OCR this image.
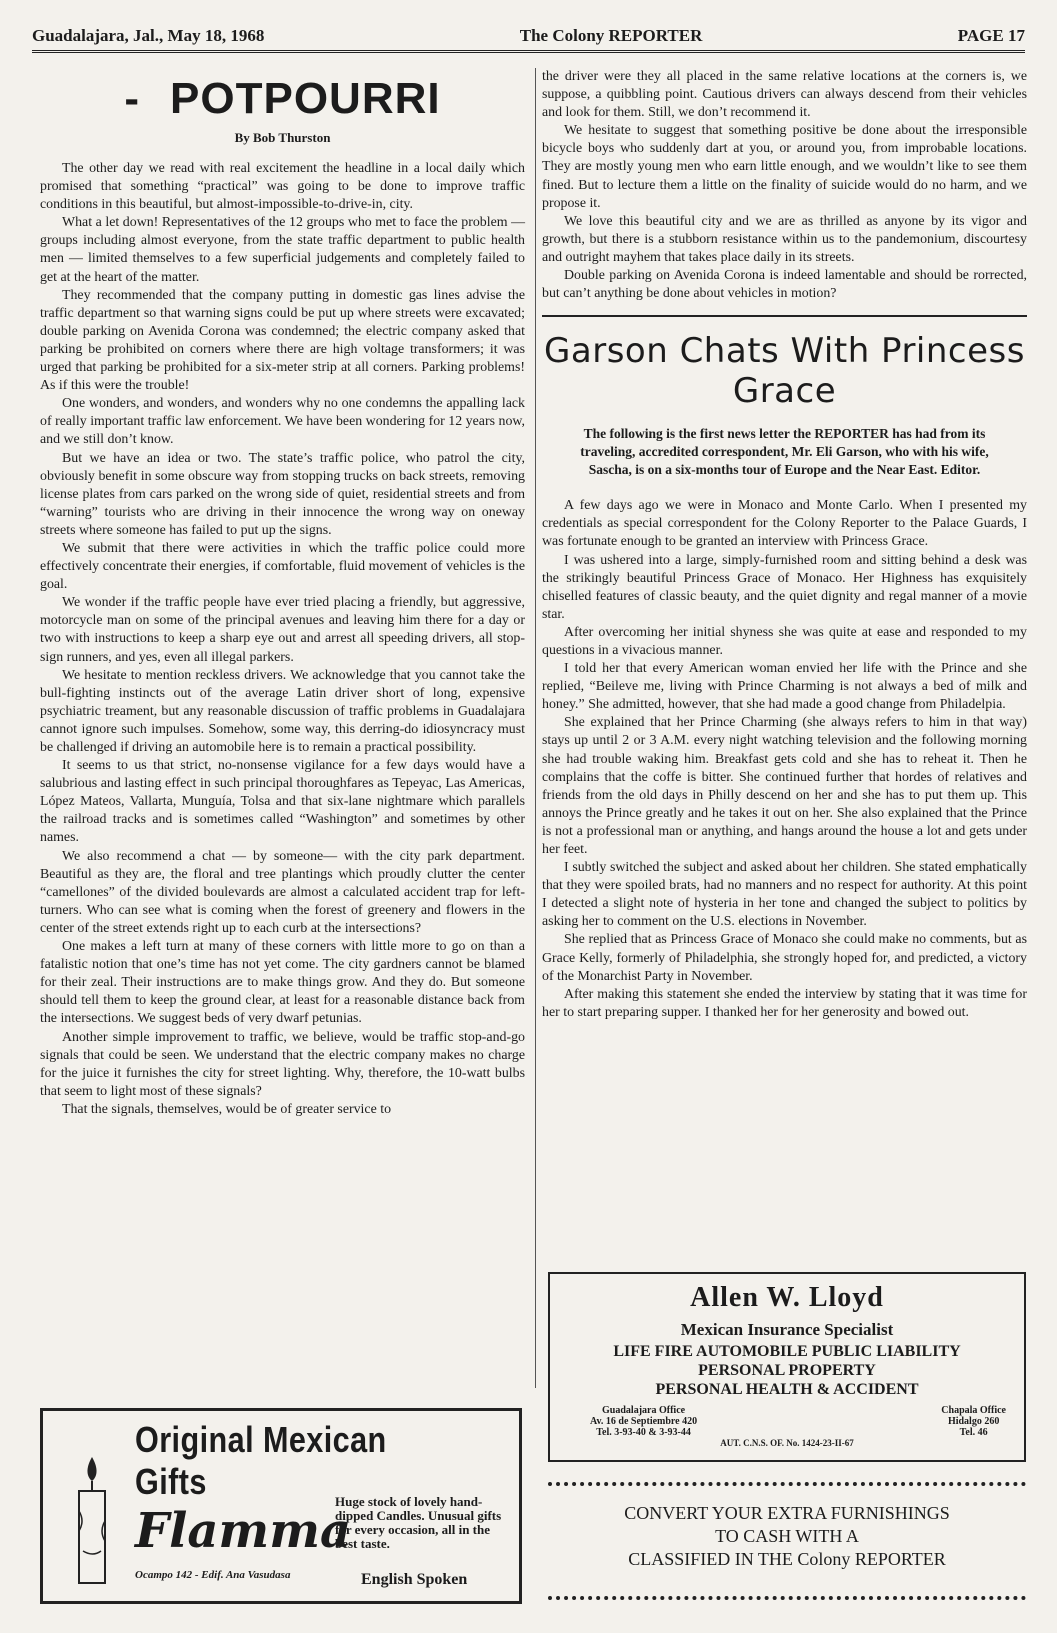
Guadalajara, Jal., May 18, 1968	The Colony REPORTER	PAGE 17
- POTPOURRI
By Bob Thurston

The other day we read with real excitement the headline in a local daily which promised that something “practical” was going to be done to improve traffic conditions in this beautiful, but almost-impossible-to-drive-in, city.

What a let down! Representatives of the 12 groups who met to face the problem — groups including almost everyone, from the state traffic department to public health men — limited themselves to a few superficial judgements and completely failed to get at the heart of the matter.

They recommended that the company putting in domestic gas lines advise the traffic department so that warning signs could be put up where streets were excavated; double parking on Avenida Corona was condemned; the electric company asked that parking be prohibited on corners where there are high voltage transformers; it was urged that parking be prohibited for a six-meter strip at all corners. Parking problems! As if this were the trouble!

One wonders, and wonders, and wonders why no one condemns the appalling lack of really important traffic law enforcement. We have been wondering for 12 years now, and we still don’t know.

But we have an idea or two. The state’s traffic police, who patrol the city, obviously benefit in some obscure way from stopping trucks on back streets, removing license plates from cars parked on the wrong side of quiet, residential streets and from “warning” tourists who are driving in their innocence the wrong way on oneway streets where someone has failed to put up the signs.

We submit that there were activities in which the traffic police could more effectively concentrate their energies, if comfortable, fluid movement of vehicles is the goal.

We wonder if the traffic people have ever tried placing a friendly, but aggressive, motorcycle man on some of the principal avenues and leaving him there for a day or two with instructions to keep a sharp eye out and arrest all speeding drivers, all stop-sign runners, and yes, even all illegal parkers.

We hesitate to mention reckless drivers. We acknowledge that you cannot take the bull-fighting instincts out of the average Latin driver short of long, expensive psychiatric treament, but any reasonable discussion of traffic problems in Guadalajara cannot ignore such impulses. Somehow, some way, this derring-do idiosyncracy must be challenged if driving an automobile here is to remain a practical possibility.

It seems to us that strict, no-nonsense vigilance for a few days would have a salubrious and lasting effect in such principal thoroughfares as Tepeyac, Las Americas, López Mateos, Vallarta, Munguía, Tolsa and that six-lane nightmare which parallels the railroad tracks and is sometimes called “Washington” and sometimes by other names.

We also recommend a chat — by someone— with the city park department. Beautiful as they are, the floral and tree plantings which proudly clutter the center “camellones” of the divided boulevards are almost a calculated accident trap for left-turners. Who can see what is coming when the forest of greenery and flowers in the center of the street extends right up to each curb at the intersections?

One makes a left turn at many of these corners with little more to go on than a fatalistic notion that one’s time has not yet come. The city gardners cannot be blamed for their zeal. Their instructions are to make things grow. And they do. But someone should tell them to keep the ground clear, at least for a reasonable distance back from the intersections. We suggest beds of very dwarf petunias.

Another simple improvement to traffic, we believe, would be traffic stop-and-go signals that could be seen. We understand that the electric company makes no charge for the juice it furnishes the city for street lighting. Why, therefore, the 10-watt bulbs that seem to light most of these signals?

That the signals, themselves, would be of greater service to

the driver were they all placed in the same relative locations at the corners is, we suppose, a quibbling point. Cautious drivers can always descend from their vehicles and look for them. Still, we don’t recommend it.

We hesitate to suggest that something positive be done about the irresponsible bicycle boys who suddenly dart at you, or around you, from improbable locations. They are mostly young men who earn little enough, and we wouldn’t like to see them fined. But to lecture them a little on the finality of suicide would do no harm, and we propose it.

We love this beautiful city and we are as thrilled as anyone by its vigor and growth, but there is a stubborn resistance within us to the pandemonium, discourtesy and outright mayhem that takes place daily in its streets.

Double parking on Avenida Corona is indeed lamentable and should be rorrected, but can’t anything be done about vehicles in motion?

Garson Chats With Princess Grace
The following is the first news letter the REPORTER has had from its traveling, accredited correspondent, Mr. Eli Garson, who with his wife, Sascha, is on a six-months tour of Europe and the Near East. Editor.

A few days ago we were in Monaco and Monte Carlo. When I presented my credentials as special correspondent for the Colony Reporter to the Palace Guards, I was fortunate enough to be granted an interview with Princess Grace.

I was ushered into a large, simply-furnished room and sitting behind a desk was the strikingly beautiful Princess Grace of Monaco. Her Highness has exquisitely chiselled features of classic beauty, and the quiet dignity and regal manner of a movie star.

After overcoming her initial shyness she was quite at ease and responded to my questions in a vivacious manner.

I told her that every American woman envied her life with the Prince and she replied, “Beileve me, living with Prince Charming is not always a bed of milk and honey.” She admitted, however, that she had made a good change from Philadelpia.

She explained that her Prince Charming (she always refers to him in that way) stays up until 2 or 3 A.M. every night watching television and the following morning she had trouble waking him. Breakfast gets cold and she has to reheat it. Then he complains that the coffe is bitter. She continued further that hordes of relatives and friends from the old days in Philly descend on her and she has to put them up. This annoys the Prince greatly and he takes it out on her. She also explained that the Prince is not a professional man or anything, and hangs around the house a lot and gets under her feet.

I subtly switched the subject and asked about her children. She stated emphatically that they were spoiled brats, had no manners and no respect for authority. At this point I detected a slight note of hysteria in her tone and changed the subject to politics by asking her to comment on the U.S. elections in November.

She replied that as Princess Grace of Monaco she could make no comments, but as Grace Kelly, formerly of Philadelphia, she strongly hoped for, and predicted, a victory of the Monarchist Party in November.

After making this statement she ended the interview by stating that it was time for her to start preparing supper. I thanked her for her generosity and bowed out.

Allen W. Lloyd
Mexican Insurance Specialist
LIFE FIRE AUTOMOBILE PUBLIC LIABILITY
PERSONAL PROPERTY
PERSONAL HEALTH & ACCIDENT
Guadalajara Office
Av. 16 de Septiembre 420
Tel. 3-93-40 & 3-93-44
Chapala Office
Hidalgo 260
Tel. 46
AUT. C.N.S. OF. No. 1424-23-II-67
CONVERT YOUR EXTRA FURNISHINGS
TO CASH WITH A
CLASSIFIED IN THE Colony REPORTER
Original Mexican Gifts
Flamma
Ocampo 142 - Edif. Ana Vasudasa
Huge stock of lovely hand-dipped Candles. Unusual gifts for every occasion, all in the best taste.
English Spoken
